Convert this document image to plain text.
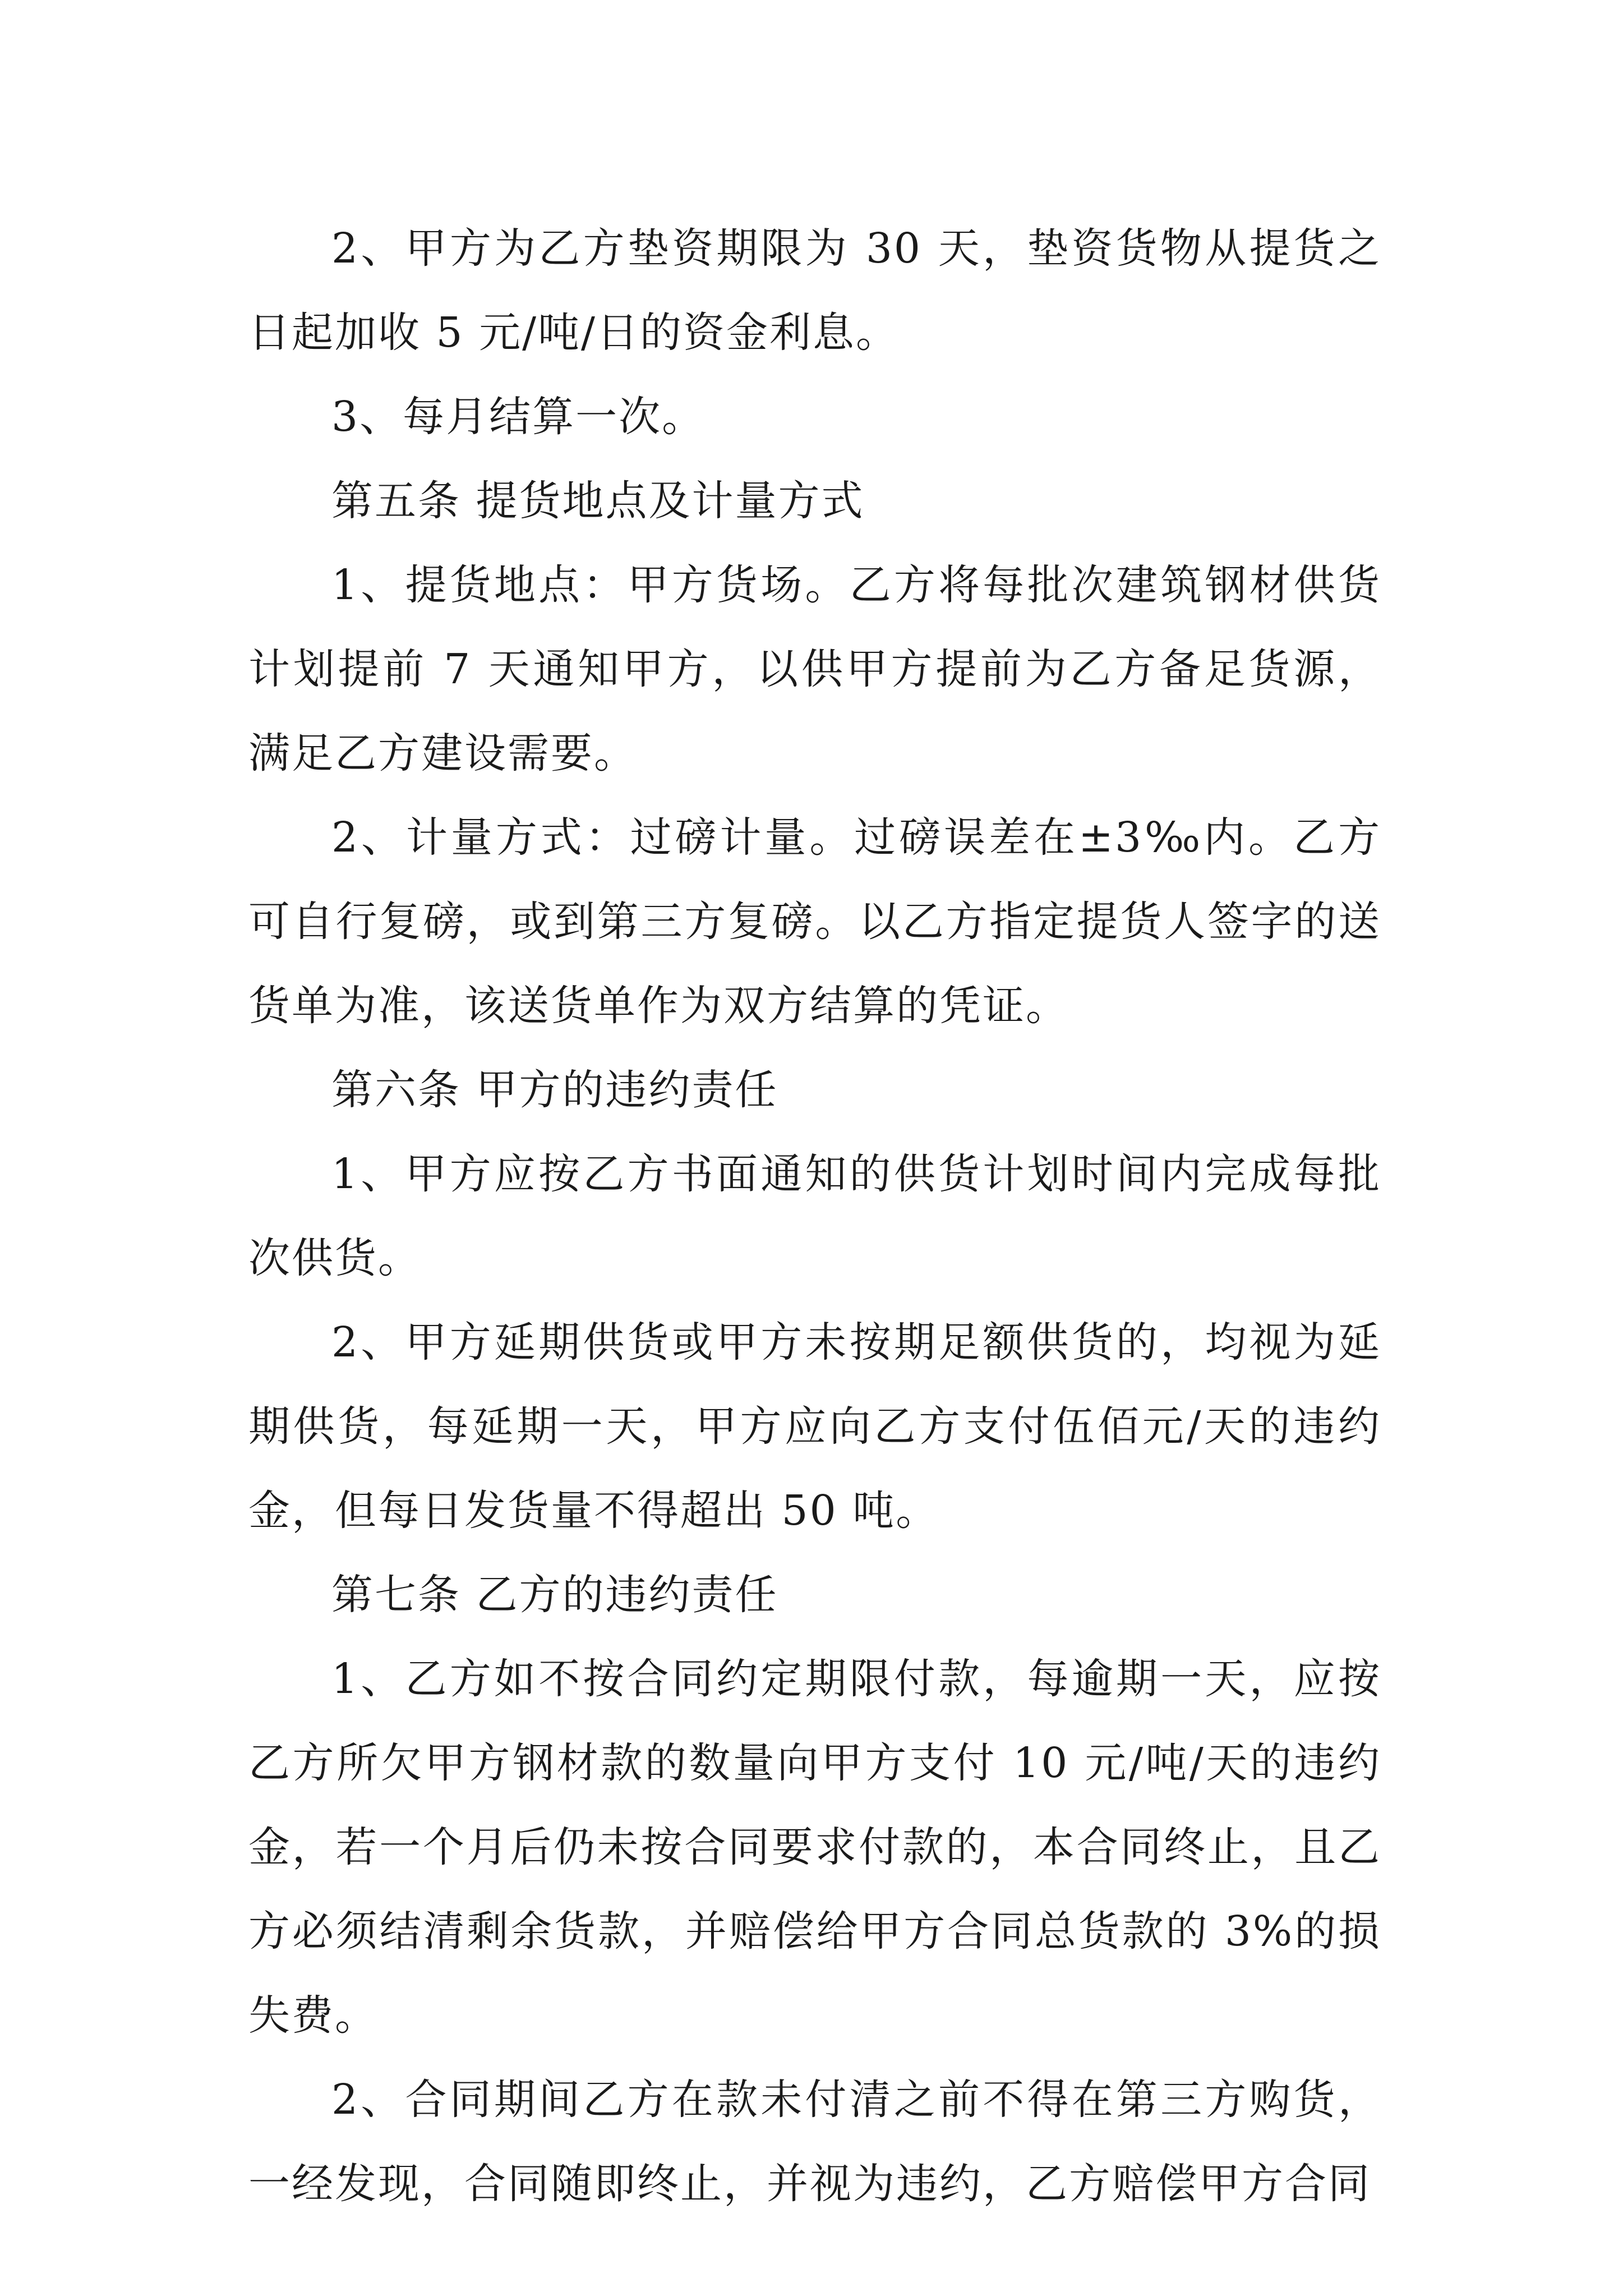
2、甲方为乙方垫资期限为 30 天，垫资货物从提货之日起加收 5 元/吨/日的资金利息。

3、每月结算一次。

第五条 提货地点及计量方式

1、提货地点：甲方货场。乙方将每批次建筑钢材供货计划提前 7 天通知甲方，以供甲方提前为乙方备足货源，满足乙方建设需要。

2、计量方式：过磅计量。过磅误差在±3‰内。乙方可自行复磅，或到第三方复磅。以乙方指定提货人签字的送货单为准，该送货单作为双方结算的凭证。

第六条 甲方的违约责任

1、甲方应按乙方书面通知的供货计划时间内完成每批次供货。

2、甲方延期供货或甲方未按期足额供货的，均视为延期供货，每延期一天，甲方应向乙方支付伍佰元/天的违约金，但每日发货量不得超出 50 吨。

第七条 乙方的违约责任

1、乙方如不按合同约定期限付款，每逾期一天，应按乙方所欠甲方钢材款的数量向甲方支付 10 元/吨/天的违约金，若一个月后仍未按合同要求付款的，本合同终止，且乙方必须结清剩余货款，并赔偿给甲方合同总货款的 3%的损失费。

2、合同期间乙方在款未付清之前不得在第三方购货，一经发现，合同随即终止，并视为违约，乙方赔偿甲方合同
